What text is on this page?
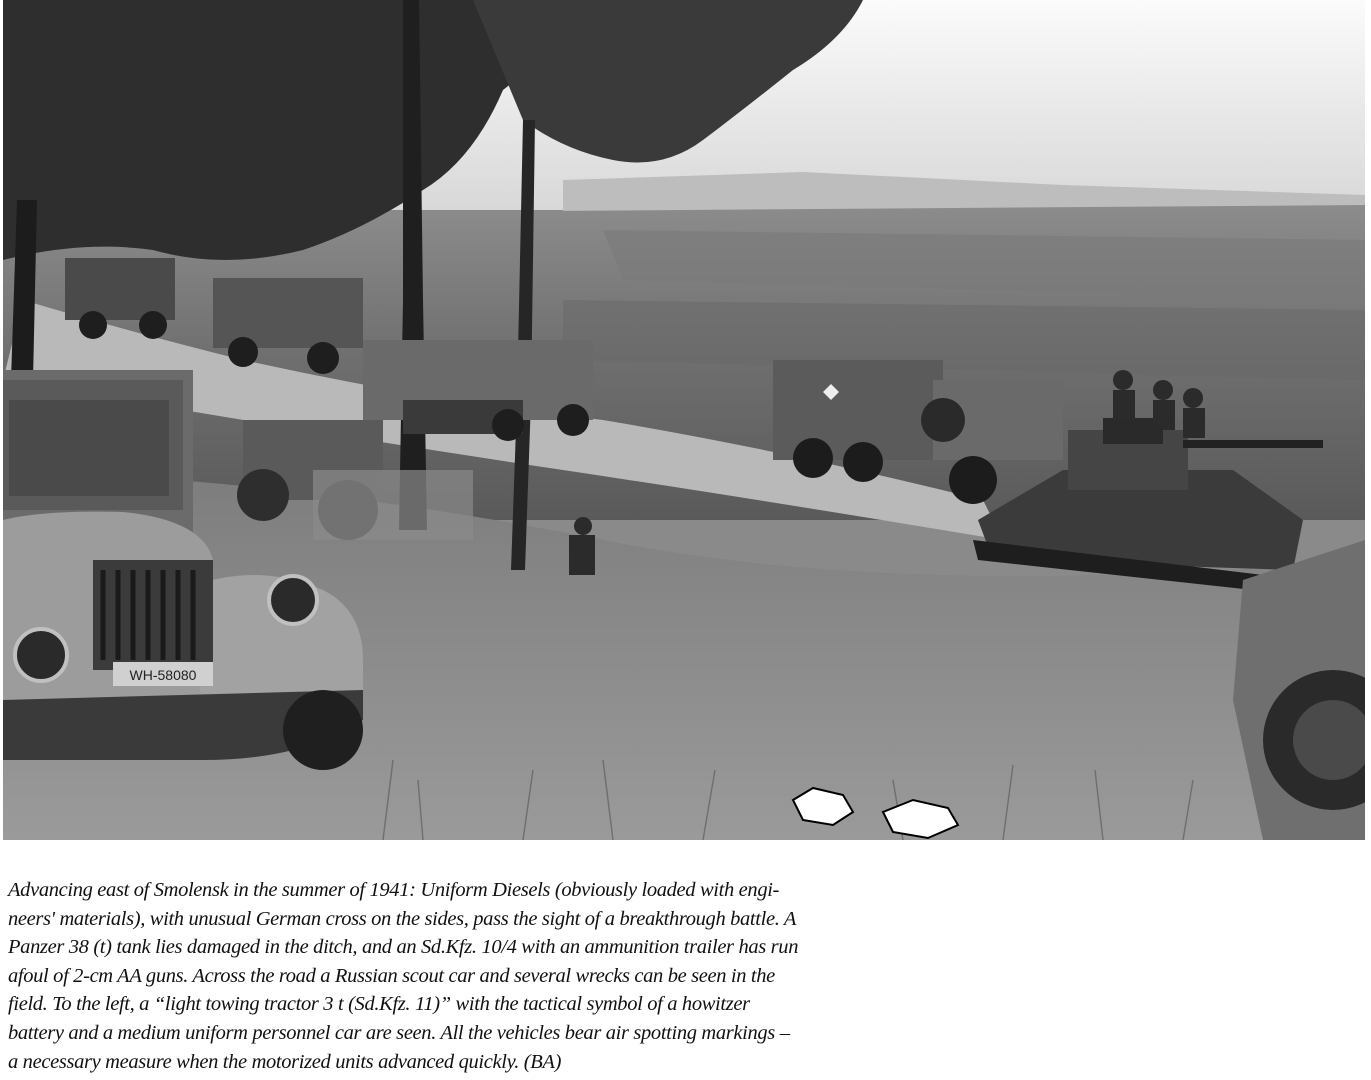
WH-58080

Advancing east of Smolensk in the summer of 1941: Uniform Diesels (obviously loaded with engi-
neers' materials), with unusual German cross on the sides, pass the sight of a breakthrough battle. A
Panzer 38 (t) tank lies damaged in the ditch, and an Sd.Kfz. 10/4 with an ammunition trailer has run
afoul of 2-cm AA guns. Across the road a Russian scout car and several wrecks can be seen in the
field. To the left, a “light towing tractor 3 t (Sd.Kfz. 11)” with the tactical symbol of a howitzer
battery and a medium uniform personnel car are seen. All the vehicles bear air spotting markings –
a necessary measure when the motorized units advanced quickly. (BA)
